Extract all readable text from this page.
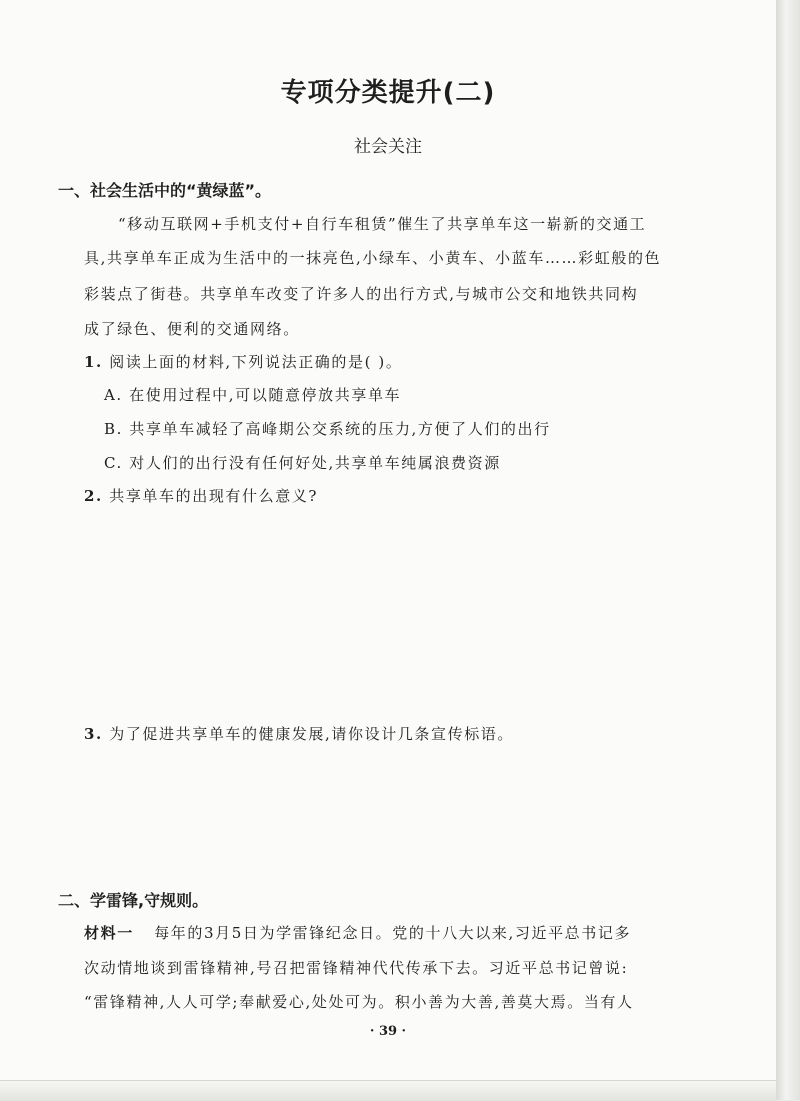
专项分类提升(二)
社会关注
一、社会生活中的“黄绿蓝”。
“移动互联网+手机支付+自行车租赁”催生了共享单车这一崭新的交通工
具,共享单车正成为生活中的一抹亮色,小绿车、小黄车、小蓝车……彩虹般的色
彩装点了街巷。共享单车改变了许多人的出行方式,与城市公交和地铁共同构
成了绿色、便利的交通网络。
1. 阅读上面的材料,下列说法正确的是( )。
A. 在使用过程中,可以随意停放共享单车
B. 共享单车减轻了高峰期公交系统的压力,方便了人们的出行
C. 对人们的出行没有任何好处,共享单车纯属浪费资源
2. 共享单车的出现有什么意义?
3. 为了促进共享单车的健康发展,请你设计几条宣传标语。
二、学雷锋,守规则。
材料一 每年的3月5日为学雷锋纪念日。党的十八大以来,习近平总书记多
次动情地谈到雷锋精神,号召把雷锋精神代代传承下去。习近平总书记曾说:
“雷锋精神,人人可学;奉献爱心,处处可为。积小善为大善,善莫大焉。当有人
· 39 ·
